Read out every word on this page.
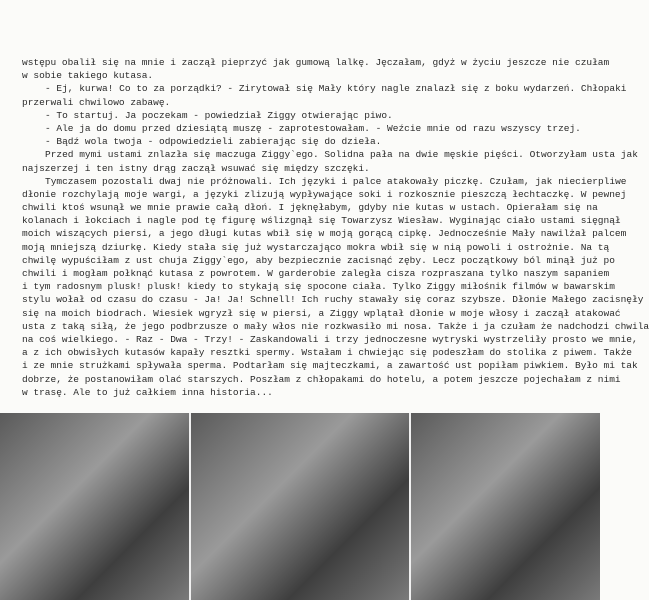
wstępu obalił się na mnie i zaczął pieprzyć jak gumową lalkę. Jęczałam, gdyż w życiu jeszcze nie czułam
w sobie takiego kutasa.
- Ej, kurwa! Co to za porządki? - Zirytował się Mały który nagle znalazł się z boku wydarzeń. Chłopaki
przerwali chwilowo zabawę.
- To startuj. Ja poczekam - powiedział Ziggy otwierając piwo.
- Ale ja do domu przed dziesiątą muszę - zaprotestowałam. - Weźcie mnie od razu wszyscy trzej.
- Bądź wola twoja - odpowiedzieli zabierając się do dzieła.
Przed mymi ustami znlazła się maczuga Ziggy`ego. Solidna pała na dwie męskie pięści. Otworzyłam usta jak
najszerzej i ten istny drąg zaczął wsuwać się między szczęki.
Tymczasem pozostali dwaj nie próżnowali. Ich języki i palce atakowały piczkę. Czułam, jak niecierpliwe
dłonie rozchylają moje wargi, a języki zlizują wypływające soki i rozkosznie pieszczą łechtaczkę. W pewnej
chwili ktoś wsunął we mnie prawie całą dłoń. I jęknęłabym, gdyby nie kutas w ustach. Opierałam się na
kolanach i łokciach i nagle pod tę figurę wślizgnął się Towarzysz Wiesław. Wyginając ciało ustami sięgnął
moich wiszących piersi, a jego długi kutas wbił się w moją gorącą cipkę. Jednocześnie Mały nawilżał palcem
moją mniejszą dziurkę. Kiedy stała się już wystarczająco mokra wbił się w nią powoli i ostrożnie. Na tą
chwilę wypuściłam z ust chuja Ziggy`ego, aby bezpiecznie zacisnąć zęby. Lecz początkowy ból minął już po
chwili i mogłam połknąć kutasa z powrotem. W garderobie zaległa cisza rozpraszana tylko naszym sapaniem
i tym radosnym plusk! plusk! kiedy to stykają się spocone ciała. Tylko Ziggy miłośnik filmów w bawarskim
stylu wołał od czasu do czasu - Ja! Ja! Schnell! Ich ruchy stawały się coraz szybsze. Dłonie Małego zacisnęły
się na moich biodrach. Wiesiek wgryzł się w piersi, a Ziggy wplątał dłonie w moje włosy i zaczął atakować
usta z taką siłą, że jego podbrzusze o mały włos nie rozkwasiło mi nosa. Także i ja czułam że nadchodzi chwila
na coś wielkiego. - Raz - Dwa - Trzy! - Zaskandowali i trzy jednoczesne wytryski wystrzeliły prosto we mnie,
a z ich obwisłych kutasów kapały resztki spermy. Wstałam i chwiejąc się podeszłam do stolika z piwem. Także
i ze mnie strużkami spływała sperma. Podtarłam się majteczkami, a zawartość ust popiłam piwkiem. Było mi tak
dobrze, że postanowiłam olać starszych. Poszłam z chłopakami do hotelu, a potem jeszcze pojechałam z nimi
w trasę. Ale to już całkiem inna historia...
